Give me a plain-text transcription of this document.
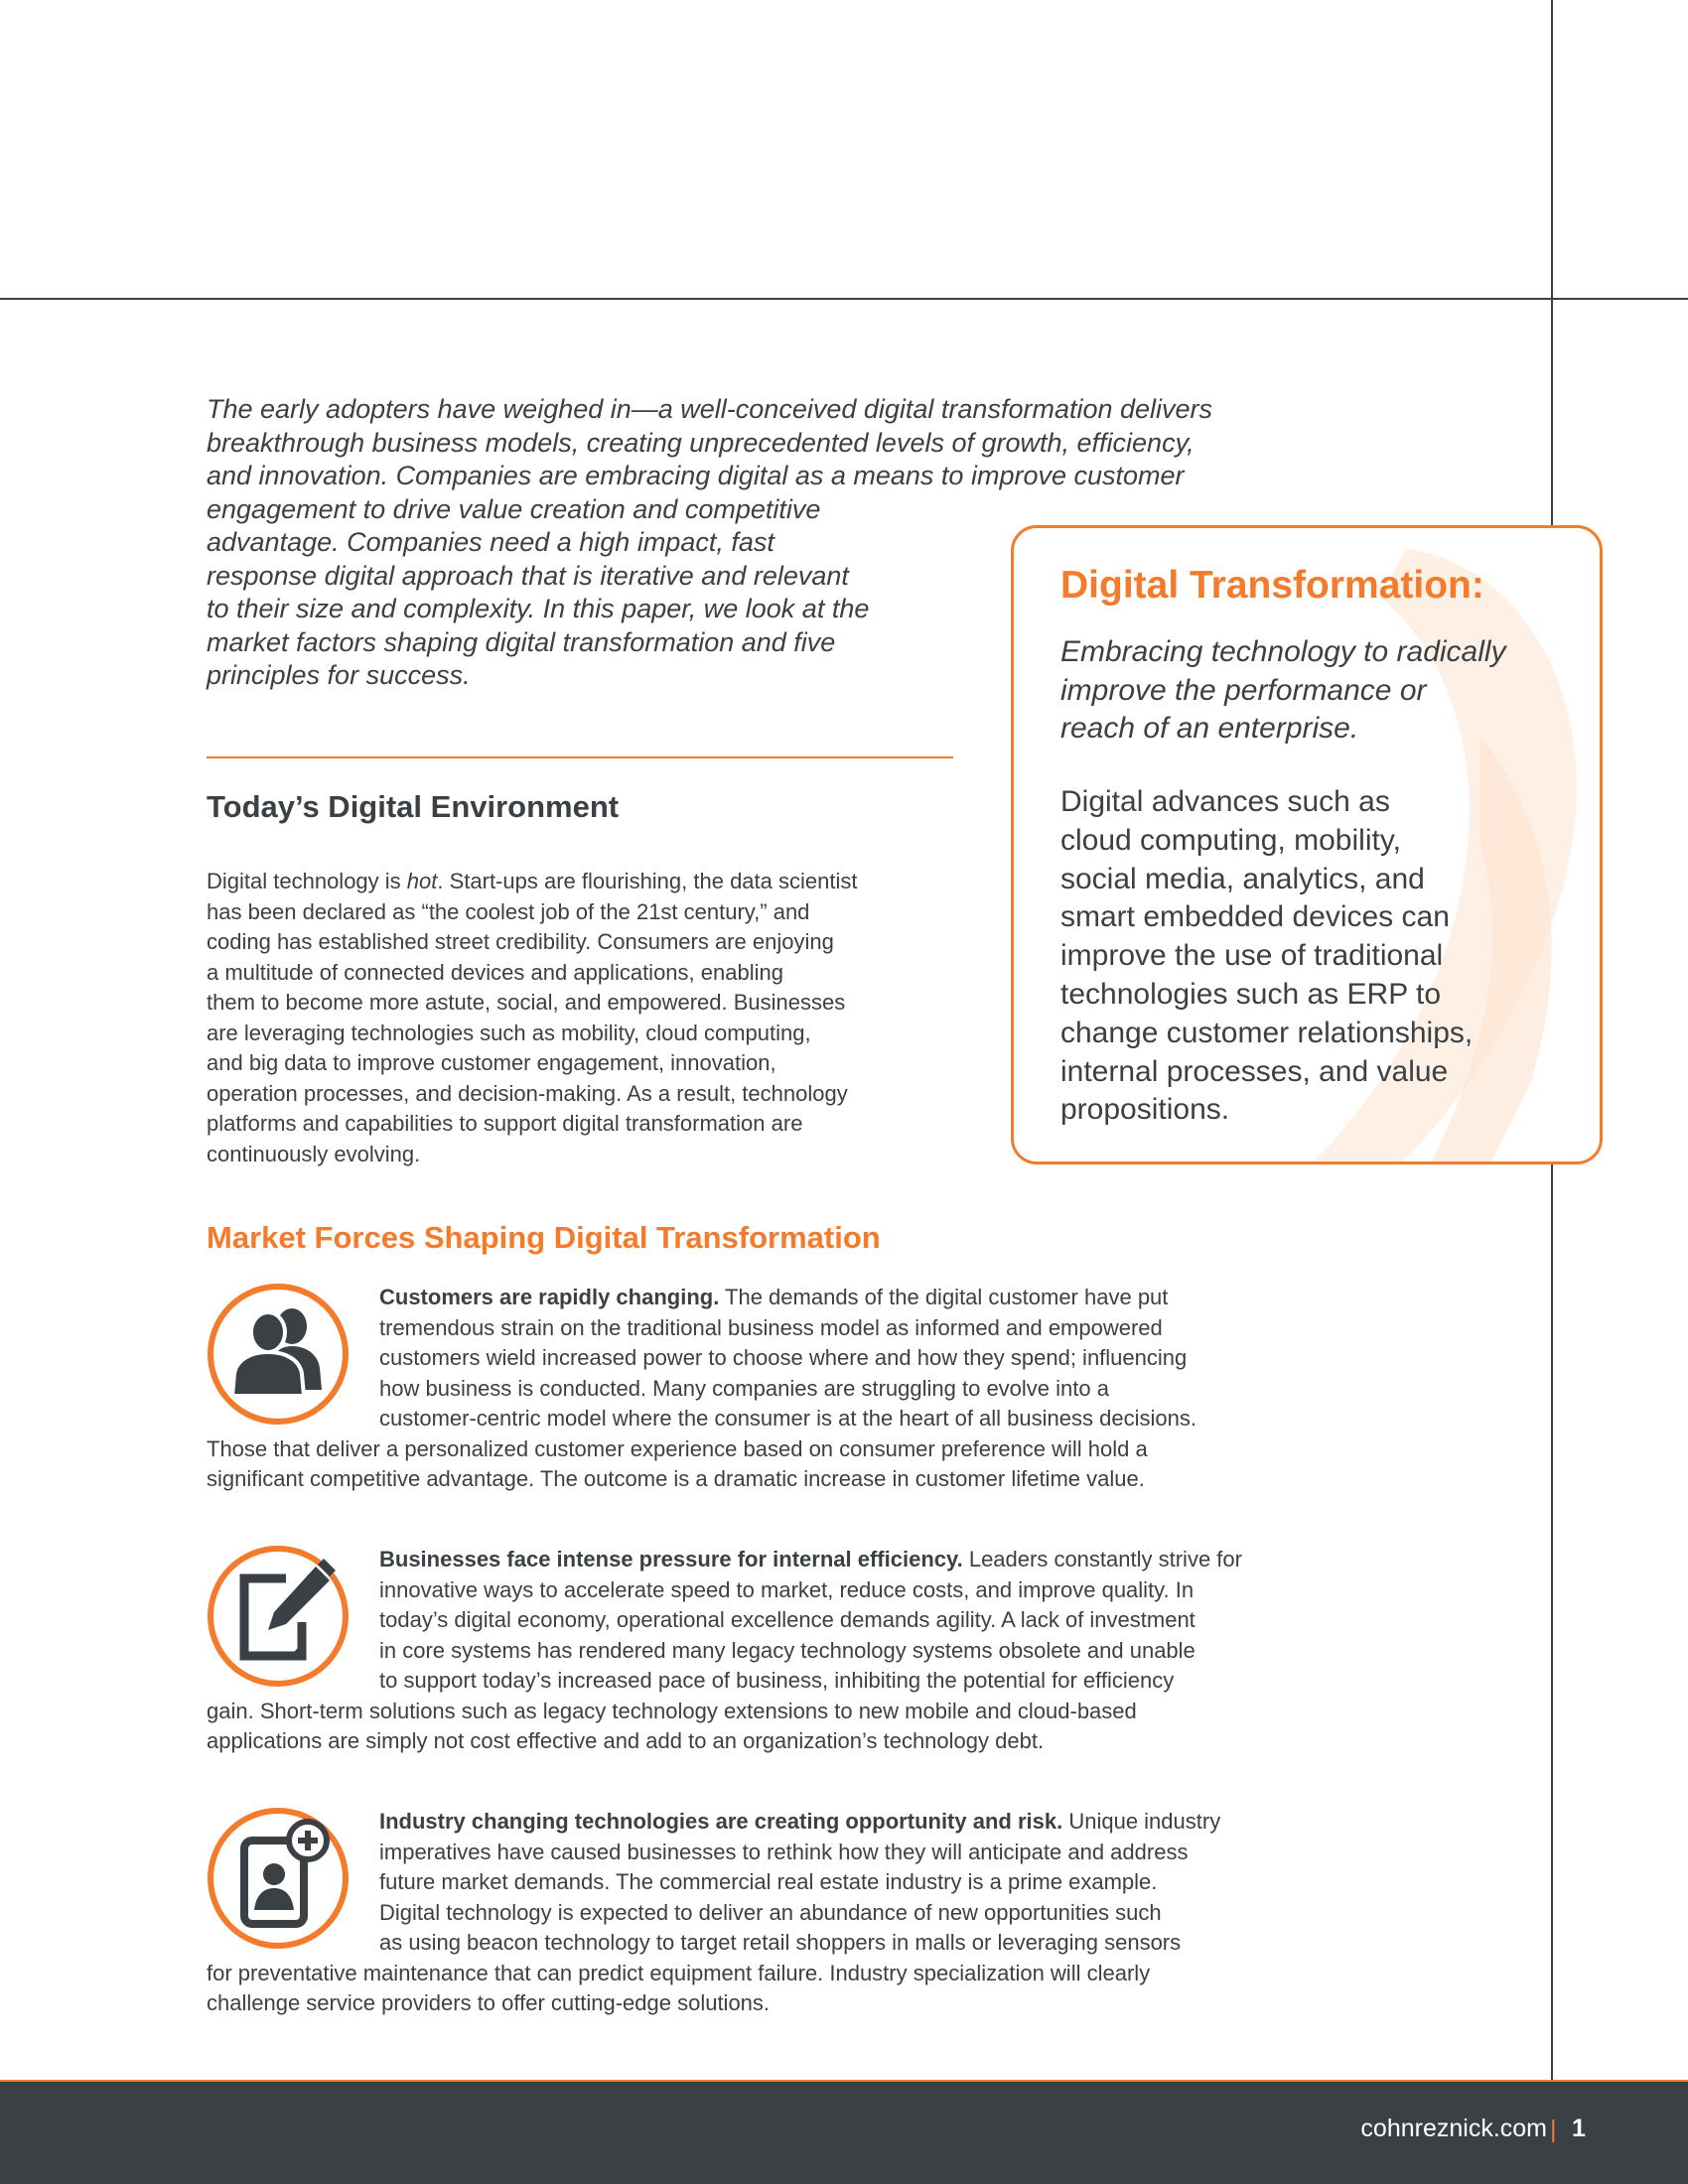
The early adopters have weighed in—a well-conceived digital transformation delivers
breakthrough business models, creating unprecedented levels of growth, efficiency,
and innovation. Companies are embracing digital as a means to improve customer
engagement to drive value creation and competitive
advantage. Companies need a high impact, fast
response digital approach that is iterative and relevant
to their size and complexity. In this paper, we look at the
market factors shaping digital transformation and five
principles for success.
Digital Transformation:
Embracing technology to radically
improve the performance or
reach of an enterprise.
Digital advances such as
cloud computing, mobility,
social media, analytics, and
smart embedded devices can
improve the use of traditional
technologies such as ERP to
change customer relationships,
internal processes, and value
propositions.
Today’s Digital Environment
Digital technology is hot. Start-ups are flourishing, the data scientist
has been declared as “the coolest job of the 21st century,” and
coding has established street credibility. Consumers are enjoying
a multitude of connected devices and applications, enabling
them to become more astute, social, and empowered. Businesses
are leveraging technologies such as mobility, cloud computing,
and big data to improve customer engagement, innovation,
operation processes, and decision-making. As a result, technology
platforms and capabilities to support digital transformation are
continuously evolving.
Market Forces Shaping Digital Transformation
Customers are rapidly changing. The demands of the digital customer have put
tremendous strain on the traditional business model as informed and empowered
customers wield increased power to choose where and how they spend; influencing
how business is conducted. Many companies are struggling to evolve into a
customer-centric model where the consumer is at the heart of all business decisions.
Those that deliver a personalized customer experience based on consumer preference will hold a
significant competitive advantage. The outcome is a dramatic increase in customer lifetime value.
Businesses face intense pressure for internal efficiency. Leaders constantly strive for
innovative ways to accelerate speed to market, reduce costs, and improve quality. In
today’s digital economy, operational excellence demands agility. A lack of investment
in core systems has rendered many legacy technology systems obsolete and unable
to support today’s increased pace of business, inhibiting the potential for efficiency
gain. Short-term solutions such as legacy technology extensions to new mobile and cloud-based
applications are simply not cost effective and add to an organization’s technology debt.
Industry changing technologies are creating opportunity and risk. Unique industry
imperatives have caused businesses to rethink how they will anticipate and address
future market demands. The commercial real estate industry is a prime example.
Digital technology is expected to deliver an abundance of new opportunities such
as using beacon technology to target retail shoppers in malls or leveraging sensors
for preventative maintenance that can predict equipment failure. Industry specialization will clearly
challenge service providers to offer cutting-edge solutions.
cohnreznick.com | 1
